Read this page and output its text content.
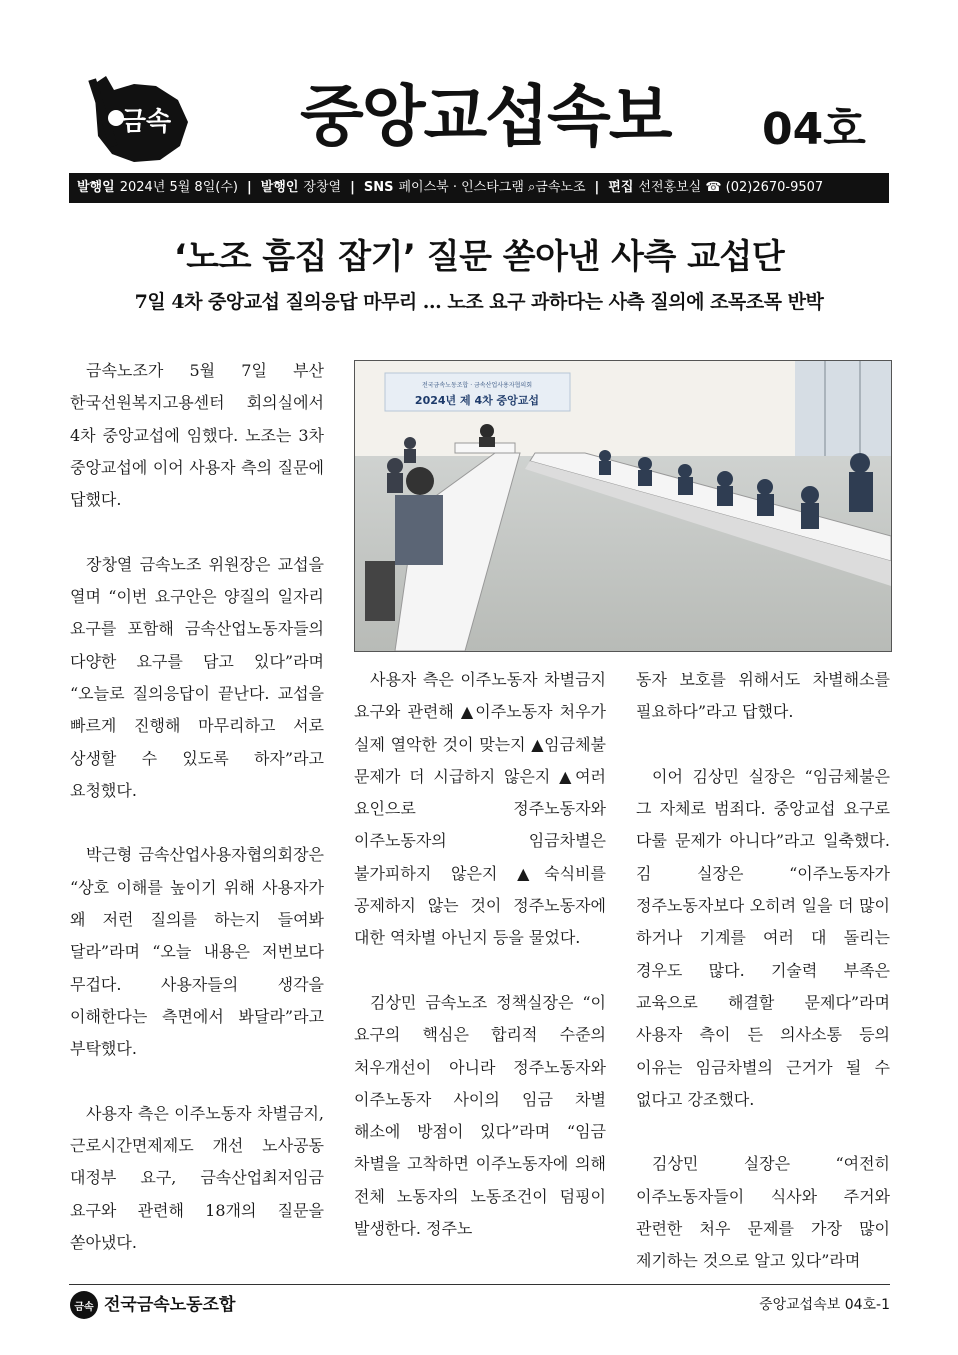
금속 중앙교섭속보 04호
발행일 2024년 5월 8일(수) | 발행인 장창열 | SNS 페이스북 · 인스타그램 ⌕금속노조 | 편집 선전홍보실 ☎ (02)2670-9507
‘노조 흠집 잡기’ 질문 쏟아낸 사측 교섭단
7일 4차 중앙교섭 질의응답 마무리 … 노조 요구 과하다는 사측 질의에 조목조목 반박

금속노조가 5월 7일 부산 한국선원복지고용센터 회의실에서 4차 중앙교섭에 임했다. 노조는 3차 중앙교섭에 이어 사용자 측의 질문에 답했다.

장창열 금속노조 위원장은 교섭을 열며 “이번 요구안은 양질의 일자리 요구를 포함해 금속산업노동자들의 다양한 요구를 담고 있다”라며 “오늘로 질의응답이 끝난다. 교섭을 빠르게 진행해 마무리하고 서로 상생할 수 있도록 하자”라고 요청했다.

박근형 금속산업사용자협의회장은 “상호 이해를 높이기 위해 사용자가 왜 저런 질의를 하는지 들여봐 달라”라며 “오늘 내용은 저번보다 무겁다. 사용자들의 생각을 이해한다는 측면에서 봐달라”라고 부탁했다.

사용자 측은 이주노동자 차별금지, 근로시간면제제도 개선 노사공동 대정부 요구, 금속산업최저임금 요구와 관련해 18개의 질문을 쏟아냈다.

전국금속노동조합 · 금속산업사용자협의회
2024년 제 4차 중앙교섭

사용자 측은 이주노동자 차별금지 요구와 관련해 ▲이주노동자 처우가 실제 열악한 것이 맞는지 ▲임금체불 문제가 더 시급하지 않은지 ▲여러 요인으로 정주노동자와 이주노동자의 임금차별은 불가피하지 않은지 ▲숙식비를 공제하지 않는 것이 정주노동자에 대한 역차별 아닌지 등을 물었다.

김상민 금속노조 정책실장은 “이 요구의 핵심은 합리적 수준의 처우개선이 아니라 정주노동자와 이주노동자 사이의 임금 차별 해소에 방점이 있다”라며 “임금 차별을 고착하면 이주노동자에 의해 전체 노동자의 노동조건이 덤핑이 발생한다. 정주노

동자 보호를 위해서도 차별해소를 필요하다”라고 답했다.

이어 김상민 실장은 “임금체불은 그 자체로 범죄다. 중앙교섭 요구로 다룰 문제가 아니다”라고 일축했다. 김 실장은 “이주노동자가 정주노동자보다 오히려 일을 더 많이 하거나 기계를 여러 대 돌리는 경우도 많다. 기술력 부족은 교육으로 해결할 문제다”라며 사용자 측이 든 의사소통 등의 이유는 임금차별의 근거가 될 수 없다고 강조했다.

김상민 실장은 “여전히 이주노동자들이 식사와 주거와 관련한 처우 문제를 가장 많이 제기하는 것으로 알고 있다”라며

금속 전국금속노동조합	중앙교섭속보 04호-1
